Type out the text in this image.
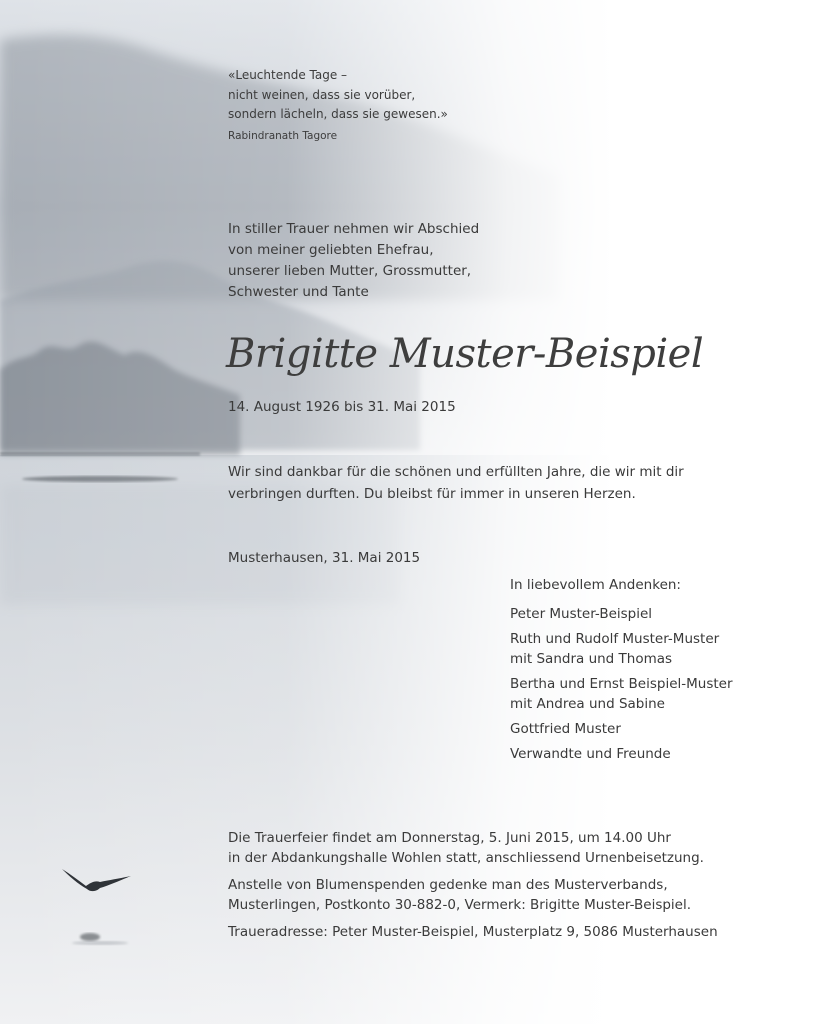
«Leuchtende Tage –
nicht weinen, dass sie vorüber,
sondern lächeln, dass sie gewesen.»
Rabindranath Tagore
In stiller Trauer nehmen wir Abschied
von meiner geliebten Ehefrau,
unserer lieben Mutter, Grossmutter,
Schwester und Tante
Brigitte Muster-Beispiel
14. August 1926 bis 31. Mai 2015
Wir sind dankbar für die schönen und erfüllten Jahre, die wir mit dir
verbringen durften. Du bleibst für immer in unseren Herzen.
Musterhausen, 31. Mai 2015
In liebevollem Andenken:
Peter Muster-Beispiel
Ruth und Rudolf Muster-Muster
mit Sandra und Thomas
Bertha und Ernst Beispiel-Muster
mit Andrea und Sabine
Gottfried Muster
Verwandte und Freunde

Die Trauerfeier findet am Donnerstag, 5. Juni 2015, um 14.00 Uhr
in der Abdankungshalle Wohlen statt, anschliessend Urnenbeisetzung.

Anstelle von Blumenspenden gedenke man des Musterverbands,
Musterlingen, Postkonto 30-882-0, Vermerk: Brigitte Muster-Beispiel.

Traueradresse: Peter Muster-Beispiel, Musterplatz 9, 5086 Musterhausen
